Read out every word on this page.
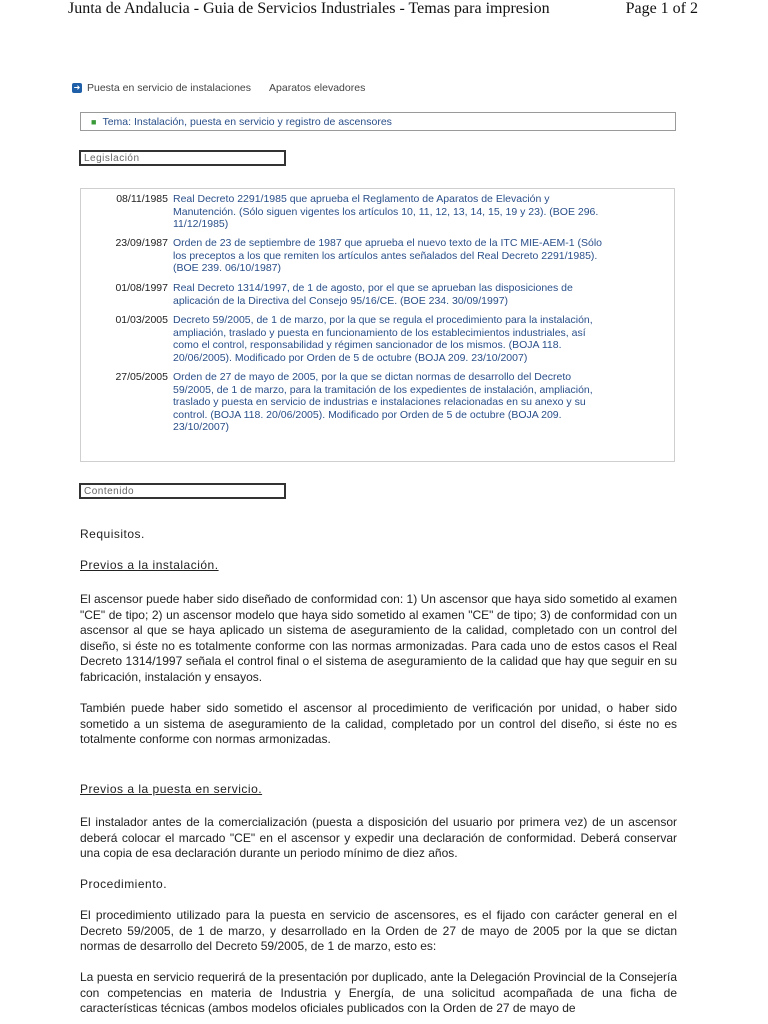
Junta de Andalucia - Guia de Servicios Industriales - Temas para impresion	Page 1 of 2
➜ Puesta en servicio de instalaciones Aparatos elevadores
■ Tema: Instalación, puesta en servicio y registro de ascensores
Legislación
08/11/1985 Real Decreto 2291/1985 que aprueba el Reglamento de Aparatos de Elevación y
Manutención. (Sólo siguen vigentes los artículos 10, 11, 12, 13, 14, 15, 19 y 23). (BOE 296.
11/12/1985)
23/09/1987 Orden de 23 de septiembre de 1987 que aprueba el nuevo texto de la ITC MIE-AEM-1 (Sólo
los preceptos a los que remiten los artículos antes señalados del Real Decreto 2291/1985).
(BOE 239. 06/10/1987)
01/08/1997 Real Decreto 1314/1997, de 1 de agosto, por el que se aprueban las disposiciones de
aplicación de la Directiva del Consejo 95/16/CE. (BOE 234. 30/09/1997)
01/03/2005 Decreto 59/2005, de 1 de marzo, por la que se regula el procedimiento para la instalación,
ampliación, traslado y puesta en funcionamiento de los establecimientos industriales, así
como el control, responsabilidad y régimen sancionador de los mismos. (BOJA 118.
20/06/2005). Modificado por Orden de 5 de octubre (BOJA 209. 23/10/2007)
27/05/2005 Orden de 27 de mayo de 2005, por la que se dictan normas de desarrollo del Decreto
59/2005, de 1 de marzo, para la tramitación de los expedientes de instalación, ampliación,
traslado y puesta en servicio de industrias e instalaciones relacionadas en su anexo y su
control. (BOJA 118. 20/06/2005). Modificado por Orden de 5 de octubre (BOJA 209.
23/10/2007)
Contenido
Requisitos.
Previos a la instalación.

El ascensor puede haber sido diseñado de conformidad con: 1) Un ascensor que haya sido sometido al examen "CE" de tipo; 2) un ascensor modelo que haya sido sometido al examen "CE" de tipo; 3) de conformidad con un ascensor al que se haya aplicado un sistema de aseguramiento de la calidad, completado con un control del diseño, si éste no es totalmente conforme con las normas armonizadas. Para cada uno de estos casos el Real Decreto 1314/1997 señala el control final o el sistema de aseguramiento de la calidad que hay que seguir en su fabricación, instalación y ensayos.

También puede haber sido sometido el ascensor al procedimiento de verificación por unidad, o haber sido sometido a un sistema de aseguramiento de la calidad, completado por un control del diseño, si éste no es totalmente conforme con normas armonizadas.

Previos a la puesta en servicio.

El instalador antes de la comercialización (puesta a disposición del usuario por primera vez) de un ascensor deberá colocar el marcado "CE" en el ascensor y expedir una declaración de conformidad. Deberá conservar una copia de esa declaración durante un periodo mínimo de diez años.

Procedimiento.

El procedimiento utilizado para la puesta en servicio de ascensores, es el fijado con carácter general en el Decreto 59/2005, de 1 de marzo, y desarrollado en la Orden de 27 de mayo de 2005 por la que se dictan normas de desarrollo del Decreto 59/2005, de 1 de marzo, esto es:

La puesta en servicio requerirá de la presentación por duplicado, ante la Delegación Provincial de la Consejería con competencias en materia de Industria y Energía, de una solicitud acompañada de una ficha de características técnicas (ambos modelos oficiales publicados con la Orden de 27 de mayo de
